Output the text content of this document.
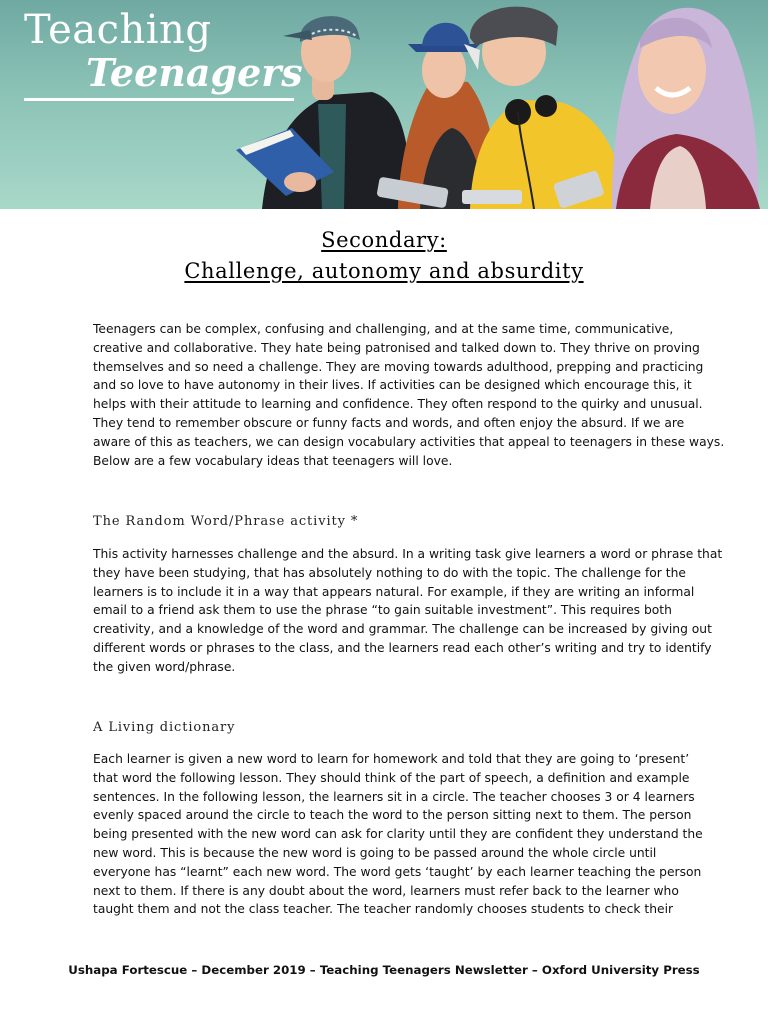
Teaching
Teenagers
Secondary:
Challenge, autonomy and absurdity
Teenagers can be complex, confusing and challenging, and at the same time, communicative,
creative and collaborative. They hate being patronised and talked down to. They thrive on proving
themselves and so need a challenge. They are moving towards adulthood, prepping and practicing
and so love to have autonomy in their lives. If activities can be designed which encourage this, it
helps with their attitude to learning and confidence. They often respond to the quirky and unusual.
They tend to remember obscure or funny facts and words, and often enjoy the absurd. If we are
aware of this as teachers, we can design vocabulary activities that appeal to teenagers in these ways.
Below are a few vocabulary ideas that teenagers will love.
The Random Word/Phrase activity *
This activity harnesses challenge and the absurd. In a writing task give learners a word or phrase that
they have been studying, that has absolutely nothing to do with the topic. The challenge for the
learners is to include it in a way that appears natural. For example, if they are writing an informal
email to a friend ask them to use the phrase “to gain suitable investment”. This requires both
creativity, and a knowledge of the word and grammar. The challenge can be increased by giving out
different words or phrases to the class, and the learners read each other’s writing and try to identify
the given word/phrase.
A Living dictionary
Each learner is given a new word to learn for homework and told that they are going to ‘present’
that word the following lesson. They should think of the part of speech, a definition and example
sentences. In the following lesson, the learners sit in a circle. The teacher chooses 3 or 4 learners
evenly spaced around the circle to teach the word to the person sitting next to them. The person
being presented with the new word can ask for clarity until they are confident they understand the
new word. This is because the new word is going to be passed around the whole circle until
everyone has “learnt” each new word. The word gets ‘taught’ by each learner teaching the person
next to them. If there is any doubt about the word, learners must refer back to the learner who
taught them and not the class teacher. The teacher randomly chooses students to check their
Ushapa Fortescue – December 2019 – Teaching Teenagers Newsletter – Oxford University Press
